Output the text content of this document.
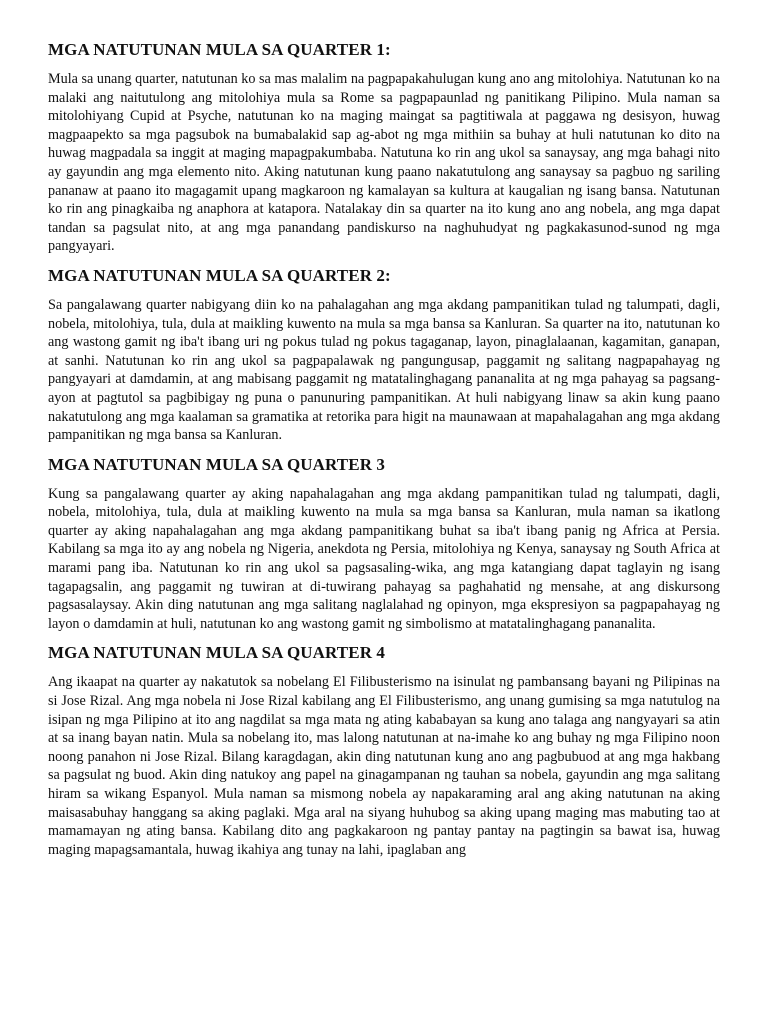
MGA NATUTUNAN MULA SA QUARTER 1:

Mula sa unang quarter, natutunan ko sa mas malalim na pagpapakahulugan kung ano ang mitolohiya. Natutunan ko na malaki ang naitutulong ang mitolohiya mula sa Rome sa pagpapaunlad ng panitikang Pilipino. Mula naman sa mitolohiyang Cupid at Psyche, natutunan ko na maging maingat sa pagtitiwala at paggawa ng desisyon, huwag magpaapekto sa mga pagsubok na bumabalakid sap ag-abot ng mga mithiin sa buhay at huli natutunan ko dito na huwag magpadala sa inggit at maging mapagpakumbaba. Natutuna ko rin ang ukol sa sanaysay, ang mga bahagi nito ay gayundin ang mga elemento nito. Aking natutunan kung paano nakatutulong ang sanaysay sa pagbuo ng sariling pananaw at paano ito magagamit upang magkaroon ng kamalayan sa kultura at kaugalian ng isang bansa. Natutunan ko rin ang pinagkaiba ng anaphora at katapora. Natalakay din sa quarter na ito kung ano ang nobela, ang mga dapat tandan sa pagsulat nito, at ang mga panandang pandiskurso na naghuhudyat ng pagkakasunod-sunod ng mga pangyayari.

MGA NATUTUNAN MULA SA QUARTER 2:

Sa pangalawang quarter nabigyang diin ko na pahalagahan ang mga akdang pampanitikan tulad ng talumpati, dagli, nobela, mitolohiya, tula, dula at maikling kuwento na mula sa mga bansa sa Kanluran. Sa quarter na ito, natutunan ko ang wastong gamit ng iba't ibang uri ng pokus tulad ng pokus tagaganap, layon, pinaglalaanan, kagamitan, ganapan, at sanhi. Natutunan ko rin ang ukol sa pagpapalawak ng pangungusap, paggamit ng salitang nagpapahayag ng pangyayari at damdamin, at ang mabisang paggamit ng matatalinghagang pananalita at ng mga pahayag sa pagsang-ayon at pagtutol sa pagbibigay ng puna o panunuring pampanitikan. At huli nabigyang linaw sa akin kung paano nakatutulong ang mga kaalaman sa gramatika at retorika para higit na maunawaan at mapahalagahan ang mga akdang pampanitikan ng mga bansa sa Kanluran.

MGA NATUTUNAN MULA SA QUARTER 3

Kung sa pangalawang quarter ay aking napahalagahan ang mga akdang pampanitikan tulad ng talumpati, dagli, nobela, mitolohiya, tula, dula at maikling kuwento na mula sa mga bansa sa Kanluran, mula naman sa ikatlong quarter ay aking napahalagahan ang mga akdang pampanitikang buhat sa iba't ibang panig ng Africa at Persia. Kabilang sa mga ito ay ang nobela ng Nigeria, anekdota ng Persia, mitolohiya ng Kenya, sanaysay ng South Africa at marami pang iba. Natutunan ko rin ang ukol sa pagsasaling-wika, ang mga katangiang dapat taglayin ng isang tagapagsalin, ang paggamit ng tuwiran at di-tuwirang pahayag sa paghahatid ng mensahe, at ang diskursong pagsasalaysay. Akin ding natutunan ang mga salitang naglalahad ng opinyon, mga ekspresiyon sa pagpapahayag ng layon o damdamin at huli, natutunan ko ang wastong gamit ng simbolismo at matatalinghagang pananalita.

MGA NATUTUNAN MULA SA QUARTER 4

Ang ikaapat na quarter ay nakatutok sa nobelang El Filibusterismo na isinulat ng pambansang bayani ng Pilipinas na si Jose Rizal. Ang mga nobela ni Jose Rizal kabilang ang El Filibusterismo, ang unang gumising sa mga natutulog na isipan ng mga Pilipino at ito ang nagdilat sa mga mata ng ating kababayan sa kung ano talaga ang nangyayari sa atin at sa inang bayan natin. Mula sa nobelang ito, mas lalong natutunan at na-imahe ko ang buhay ng mga Filipino noon noong panahon ni Jose Rizal. Bilang karagdagan, akin ding natutunan kung ano ang pagbubuod at ang mga hakbang sa pagsulat ng buod. Akin ding natukoy ang papel na ginagampanan ng tauhan sa nobela, gayundin ang mga salitang hiram sa wikang Espanyol. Mula naman sa mismong nobela ay napakaraming aral ang aking natutunan na aking maisasabuhay hanggang sa aking paglaki. Mga aral na siyang huhubog sa aking upang maging mas mabuting tao at mamamayan ng ating bansa. Kabilang dito ang pagkakaroon ng pantay pantay na pagtingin sa bawat isa, huwag maging mapagsamantala, huwag ikahiya ang tunay na lahi, ipaglaban ang
